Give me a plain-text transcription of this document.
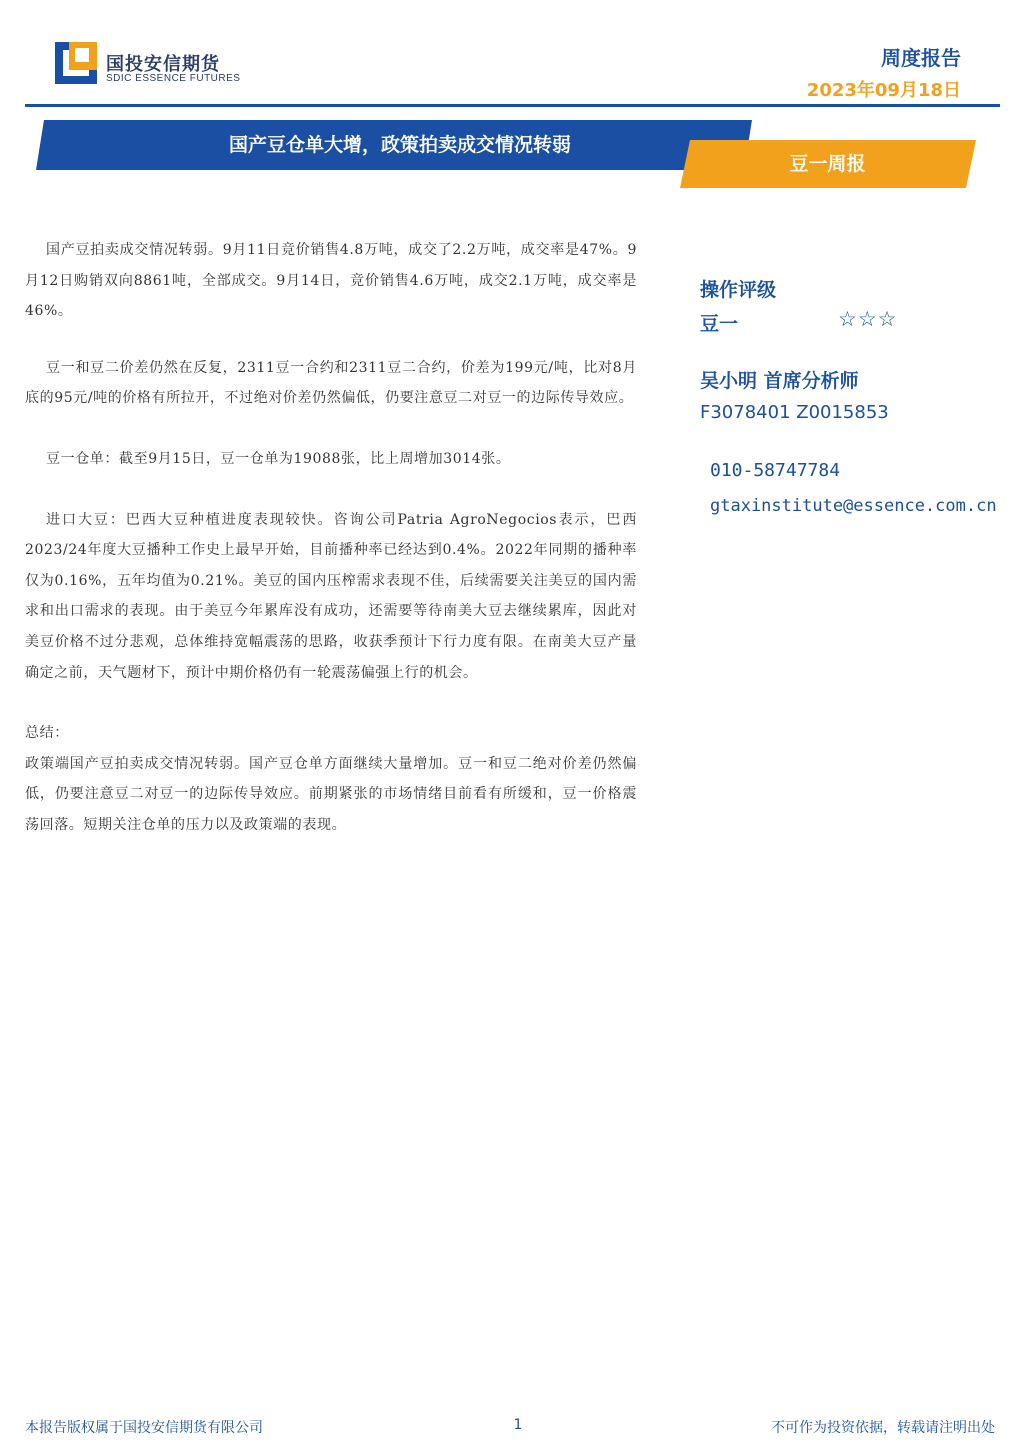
国投安信期货
SDIC ESSENCE FUTURES
周度报告
2023年09月18日
国产豆仓单大增，政策拍卖成交情况转弱
豆一周报

国产豆拍卖成交情况转弱。9月11日竞价销售4.8万吨，成交了2.2万吨，成交率是47%。9月12日购销双向8861吨，全部成交。9月14日，竞价销售4.6万吨，成交2.1万吨，成交率是46%。

豆一和豆二价差仍然在反复，2311豆一合约和2311豆二合约，价差为199元/吨，比对8月底的95元/吨的价格有所拉开，不过绝对价差仍然偏低，仍要注意豆二对豆一的边际传导效应。

豆一仓单：截至9月15日，豆一仓单为19088张，比上周增加3014张。

进口大豆：巴西大豆种植进度表现较快。咨询公司Patria AgroNegocios表示，巴西2023/24年度大豆播种工作史上最早开始，目前播种率已经达到0.4%。2022年同期的播种率仅为0.16%，五年均值为0.21%。美豆的国内压榨需求表现不佳，后续需要关注美豆的国内需求和出口需求的表现。由于美豆今年累库没有成功，还需要等待南美大豆去继续累库，因此对美豆价格不过分悲观，总体维持宽幅震荡的思路，收获季预计下行力度有限。在南美大豆产量确定之前，天气题材下，预计中期价格仍有一轮震荡偏强上行的机会。

总结：

政策端国产豆拍卖成交情况转弱。国产豆仓单方面继续大量增加。豆一和豆二绝对价差仍然偏低，仍要注意豆二对豆一的边际传导效应。前期紧张的市场情绪目前看有所缓和，豆一价格震荡回落。短期关注仓单的压力以及政策端的表现。

操作评级
豆一	☆☆☆
吴小明 首席分析师
F3078401 Z0015853
010-58747784
gtaxinstitute@essence.com.cn
本报告版权属于国投安信期货有限公司	1	不可作为投资依据，转载请注明出处
